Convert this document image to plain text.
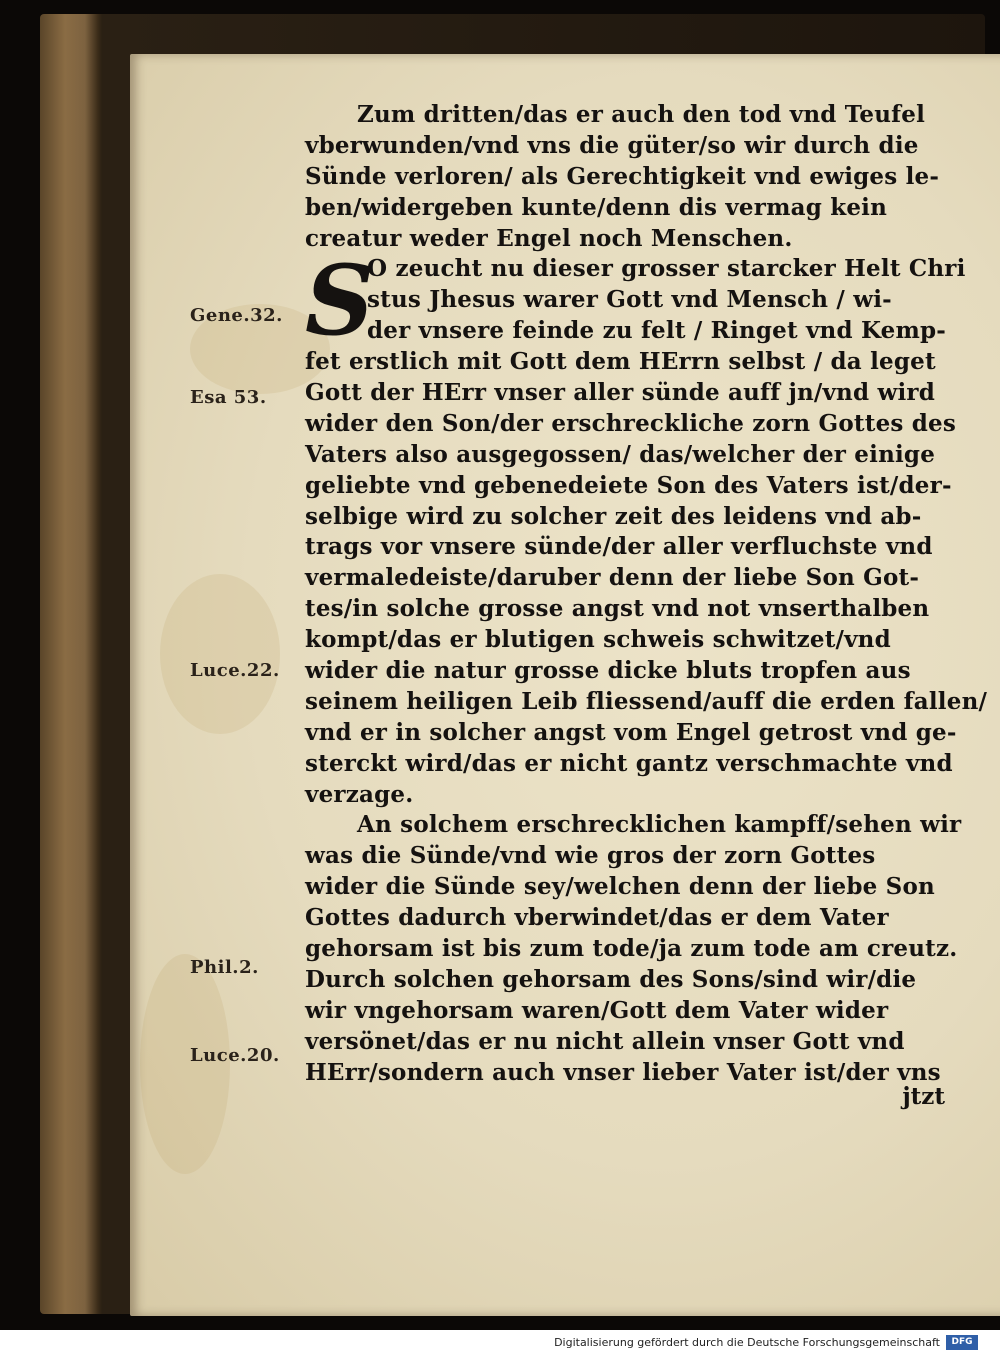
Gene.32.
Esa 53.
Luce.22.
Phil.2.
Luce.20.
S
Zum dritten/das er auch den tod vnd Teufel
vberwunden/vnd vns die güter/so wir durch die
Sünde verloren/ als Gerechtigkeit vnd ewiges le-
ben/widergeben kunte/denn dis vermag kein
creatur weder Engel noch Menschen.
O zeucht nu dieser grosser starcker Helt Chri
stus Jhesus warer Gott vnd Mensch / wi-
der vnsere feinde zu felt / Ringet vnd Kemp-
fet erstlich mit Gott dem HErrn selbst / da leget
Gott der HErr vnser aller sünde auff jn/vnd wird
wider den Son/der erschreckliche zorn Gottes des
Vaters also ausgegossen/ das/welcher der einige
geliebte vnd gebenedeiete Son des Vaters ist/der-
selbige wird zu solcher zeit des leidens vnd ab-
trags vor vnsere sünde/der aller verfluchste vnd
vermaledeiste/daruber denn der liebe Son Got-
tes/in solche grosse angst vnd not vnserthalben
kompt/das er blutigen schweis schwitzet/vnd
wider die natur grosse dicke bluts tropfen aus
seinem heiligen Leib fliessend/auff die erden fallen/
vnd er in solcher angst vom Engel getrost vnd ge-
sterckt wird/das er nicht gantz verschmachte vnd
verzage.
An solchem erschrecklichen kampff/sehen wir
was die Sünde/vnd wie gros der zorn Gottes
wider die Sünde sey/welchen denn der liebe Son
Gottes dadurch vberwindet/das er dem Vater
gehorsam ist bis zum tode/ja zum tode am creutz.
Durch solchen gehorsam des Sons/sind wir/die
wir vngehorsam waren/Gott dem Vater wider
versönet/das er nu nicht allein vnser Gott vnd
HErr/sondern auch vnser lieber Vater ist/der vns
jtzt
Digitalisierung gefördert durch die Deutsche Forschungsgemeinschaft	DFG
